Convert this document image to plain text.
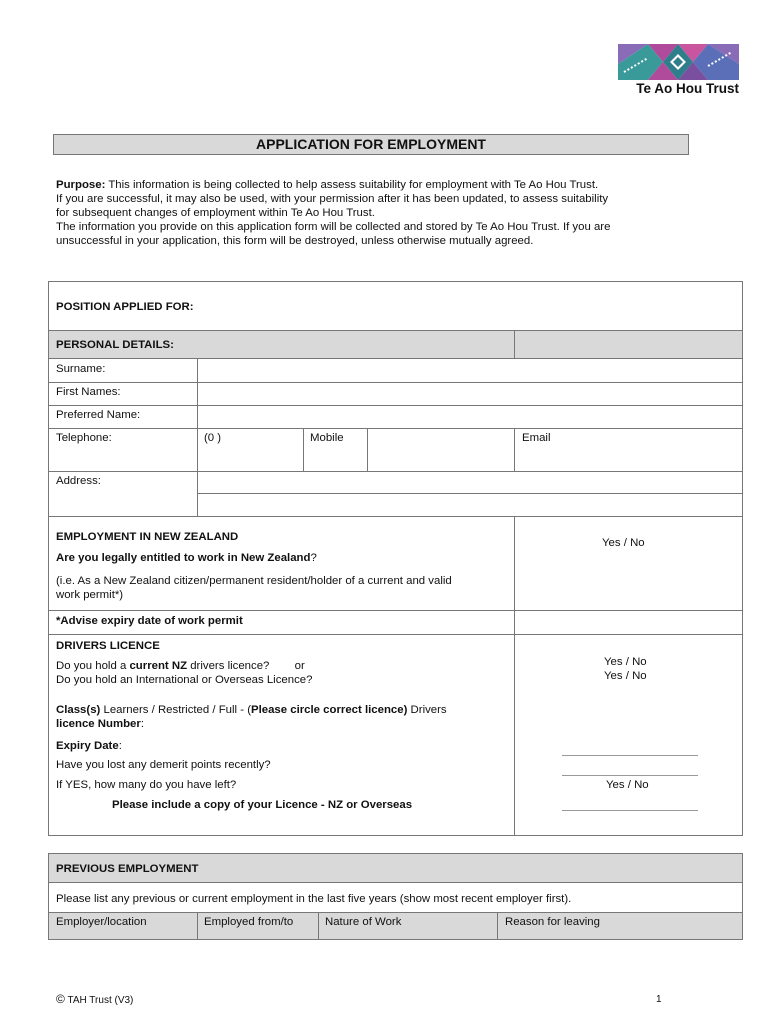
Te Ao Hou Trust
APPLICATION FOR EMPLOYMENT

Purpose: This information is being collected to help assess suitability for employment with Te Ao Hou Trust.

If you are successful, it may also be used, with your permission after it has been updated, to assess suitability

for subsequent changes of employment within Te Ao Hou Trust.

The information you provide on this application form will be collected and stored by Te Ao Hou Trust. If you are

unsuccessful in your application, this form will be destroyed, unless otherwise mutually agreed.

POSITION APPLIED FOR:
PERSONAL DETAILS:
Surname:
First Names:
Preferred Name:
Telephone:	(0 )	Mobile	Email
Address:
EMPLOYMENT IN NEW ZEALAND
Are you legally entitled to work in New Zealand?
(i.e. As a New Zealand citizen/permanent resident/holder of a current and valid
work permit*)
Yes / No
*Advise expiry date of work permit
DRIVERS LICENCE
Do you hold a current NZ drivers licence?        or
Do you hold an International or Overseas Licence?
Yes / No
Yes / No
Class(s) Learners / Restricted / Full - (Please circle correct licence) Drivers
licence Number:
Expiry Date:
Have you lost any demerit points recently?
If YES, how many do you have left?
Please include a copy of your Licence - NZ or Overseas
Yes / No
PREVIOUS EMPLOYMENT
Please list any previous or current employment in the last five years (show most recent employer first).
Employer/location	Employed from/to	Nature of Work	Reason for leaving
© TAH Trust (V3)	1
